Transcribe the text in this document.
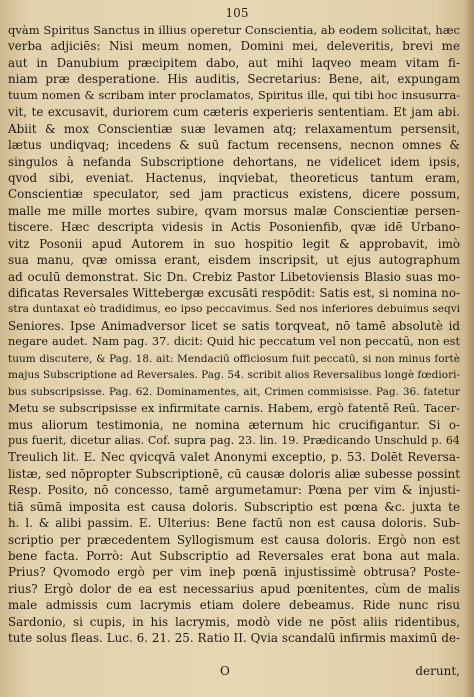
105
qvàm Spiritus Sanctus in illius operetur Conscientia, ab eodem solicitat, hæc
verba adjiciēs: Nisi meum nomen, Domini mei, deleveritis, brevi me
aut in Danubium præcipitem dabo, aut mihi laqveo meam vitam fi-
niam præ desperatione. His auditis, Secretarius: Bene, ait, expungam
tuum nomen & scribam inter proclamatos, Spiritus ille, qui tibi hoc insusurra-
vit, te excusavit, duriorem cum cæteris experieris sententiam. Et jam abi.
Abiit & mox Conscientiæ suæ levamen atq; relaxamentum persensit,
lætus undiqvaq; incedens & suū factum recensens, necnon omnes &
singulos à nefanda Subscriptione dehortans, ne videlicet idem ipsis,
qvod sibi, eveniat. Hactenus, inqviebat, theoreticus tantum eram,
Conscientiæ speculator, sed jam practicus existens, dicere possum,
malle me mille mortes subire, qvam morsus malæ Conscientiæ persen-
tiscere. Hæc descripta videsis in Actis Posonienfib, qvæ idē Urbano-
vitz Posonii apud Autorem in suo hospitio legit & approbavit, imò
sua manu, qvæ omissa erant, eisdem inscripsit, ut ejus autographum
ad oculū demonstrat. Sic Dn. Crebiz Pastor Libetoviensis Blasio suas mo-
dificatas Reversales Wittebergæ excusāti respōdit: Satis est, si nomina no-
stra duntaxat eò tradidimus, eo ipso peccavimus. Sed nos inferiores debuimus seqvi
Seniores. Ipse Animadversor licet se satis torqveat, nō tamē absolutè id
negare audet. Nam pag. 37. dicit: Quid hic peccatum vel non peccatū, non est
tuum discutere, & Pag. 18. ait: Mendaciū officiosum fuit peccatū, si non minus fortè
majus Subscriptione ad Reversales. Pag. 54. scribit alios Reversalibus longè fœdiori-
bus subscripsisse. Pag. 62. Dominamentes, ait, Crimen commisisse. Pag. 36. fatetur
Metu se subscripsisse ex infirmitate carnis. Habem, ergò fatentē Reū. Tacer-
mus aliorum testimonia, ne nomina æternum hic crucifigantur. Si o-
pus fuerit, dicetur alias. Cof. supra pag. 23. lin. 19. Prædicando Unschuld p. 64
Treulich lit. E. Nec qvicqvā valet Anonymi exceptio, p. 53. Dolēt Reversa-
listæ, sed nōpropter Subscriptionē, cū causæ doloris aliæ subesse possint
Resp. Posito, nō concesso, tamē argumetamur: Pœna per vim & injusti-
tiā sūmā imposita est causa doloris. Subscriptio est pœna &c. juxta te
h. l. & alibi passim. E. Ulterius: Bene factū non est causa doloris. Sub-
scriptio per præcedentem Syllogismum est causa doloris. Ergò non est
bene facta. Porrò: Aut Subscriptio ad Reversales erat bona aut mala.
Prius? Qvomodo ergò per vim ineþ pœnā injustissimè obtrusa? Poste-
rius? Ergò dolor de ea est necessarius apud pœnitentes, cùm de malis
male admissis cum lacrymis etiam dolere debeamus. Ride nunc risu
Sardonio, si cupis, in his lacrymis, modò vide ne pōst aliis ridentibus,
tute solus fleas. Luc. 6. 21. 25. Ratio II. Qvia scandalū infirmis maximū de-
O	derunt,
